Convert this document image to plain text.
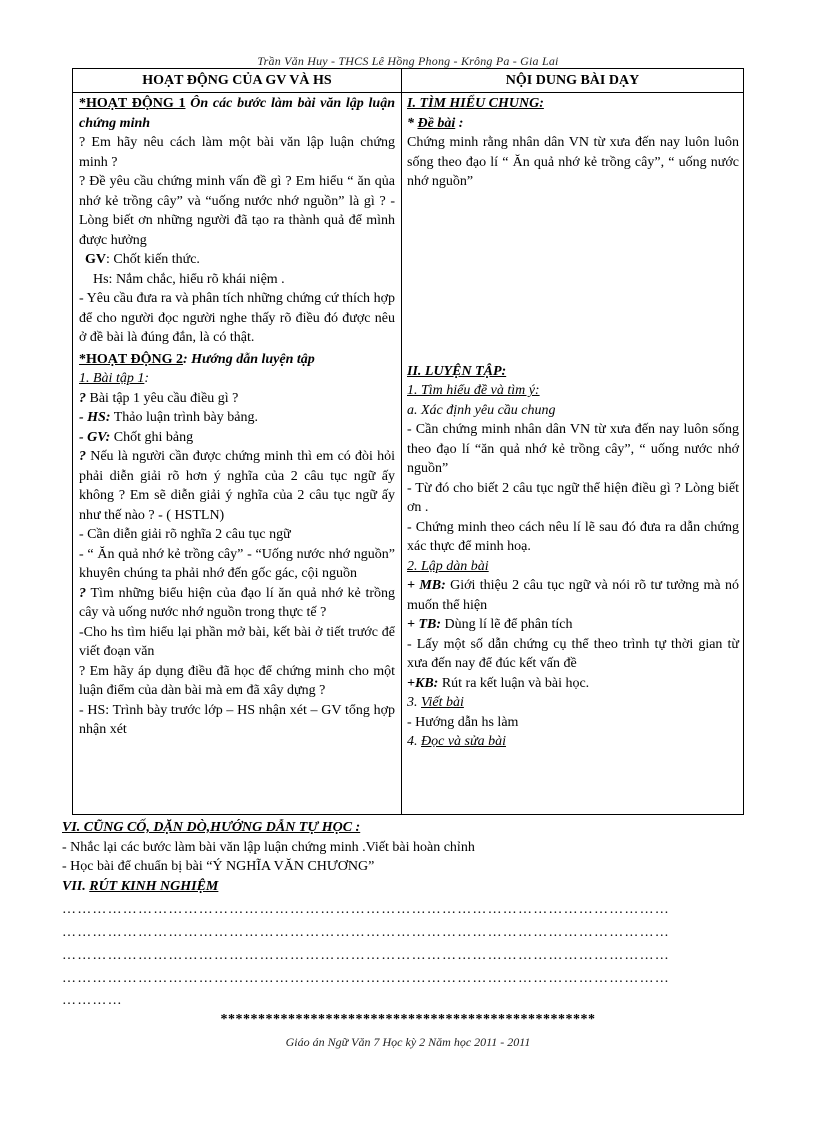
Trần Văn Huy - THCS Lê Hồng Phong - Krông Pa - Gia Lai
HOẠT ĐỘNG CỦA GV VÀ HS	NỘI DUNG BÀI DẠY

*HOẠT ĐỘNG 1 Ôn các bước làm bài văn lập luận chứng minh

? Em hãy nêu cách làm một bài văn lập luận chứng minh ?

? Đề yêu cầu chứng minh vấn đề gì ? Em hiểu “ ăn qủa nhớ kẻ trồng cây” và “uống nước nhớ nguồn” là gì ? - Lòng biết ơn những người đã tạo ra thành quả để mình được hưởng

GV: Chốt kiến thức.

Hs: Nắm chắc, hiểu rõ khái niệm .

- Yêu cầu đưa ra và phân tích những chứng cứ thích hợp để cho người đọc người nghe thấy rõ điều đó được nêu ở đề bài là đúng đắn, là có thật.

*HOẠT ĐỘNG 2: Hướng dẫn luyện tập

1. Bài tập 1:

? Bài tập 1 yêu cầu điều gì ?

- HS: Thảo luận trình bày bảng.

- GV: Chốt ghi bảng

? Nếu là người cần được chứng minh thì em có đòi hỏi phải diễn giải rõ hơn ý nghĩa của 2 câu tục ngữ ấy không ? Em sẽ diễn giải ý nghĩa của 2 câu tục ngữ ấy như thế nào ? - ( HSTLN)

- Cần diễn giải rõ nghĩa 2 câu tục ngữ

- “ Ăn quả nhớ kẻ trồng cây” - “Uống nước nhớ nguồn” khuyên chúng ta phải nhớ đến gốc gác, cội nguồn

? Tìm những biểu hiện của đạo lí ăn quả nhớ kẻ trồng cây và uống nước nhớ nguồn trong thực tế ?

-Cho hs tìm hiểu lại phần mở bài, kết bài ở tiết trước để viết đoạn văn

? Em hãy áp dụng điều đã học để chứng minh cho một luận điểm của dàn bài mà em đã xây dựng ?

- HS: Trình bày trước lớp – HS nhận xét – GV tổng hợp nhận xét

I. TÌM HIỂU CHUNG:

* Đề bài :

Chứng minh rằng nhân dân VN từ xưa đến nay luôn luôn sống theo đạo lí “ Ăn quả nhớ kẻ trồng cây”, “ uống nước nhớ nguồn”

II. LUYỆN TẬP:

1. Tìm hiểu đề và tìm ý:

a. Xác định yêu cầu chung

- Cần chứng minh nhân dân VN từ xưa đến nay luôn sống theo đạo lí “ăn quả nhớ kẻ trồng cây”, “ uống nước nhớ nguồn”

- Từ đó cho biết 2 câu tục ngữ thể hiện điều gì ? Lòng biết ơn .

- Chứng minh theo cách nêu lí lẽ sau đó đưa ra dẫn chứng xác thực để minh hoạ.

2. Lập dàn bài

+ MB: Giới thiệu 2 câu tục ngữ và nói rõ tư tưởng mà nó muốn thể hiện

+ TB: Dùng lí lẽ để phân tích

- Lấy một số dẫn chứng cụ thể theo trình tự thời gian từ xưa đến nay để đúc kết vấn đề

+KB: Rút ra kết luận và bài học.

3. Viết bài

- Hướng dẫn hs làm

4. Đọc và sửa bài

VI. CŨNG CỐ, DẶN DÒ,HƯỚNG DẪN TỰ HỌC :
- Nhắc lại các bước làm bài văn lập luận chứng minh .Viết bài hoàn chỉnh
- Học bài để chuẩn bị bài “Ý NGHĨA VĂN CHƯƠNG”
VII. RÚT KINH NGHIỆM
…………………………………………………………………………………………………………
…………………………………………………………………………………………………………
…………………………………………………………………………………………………………
…………………………………………………………………………………………………………
…………
**************************************************
Giáo án Ngữ Văn 7 Học kỳ 2 Năm học 2011 - 2011
